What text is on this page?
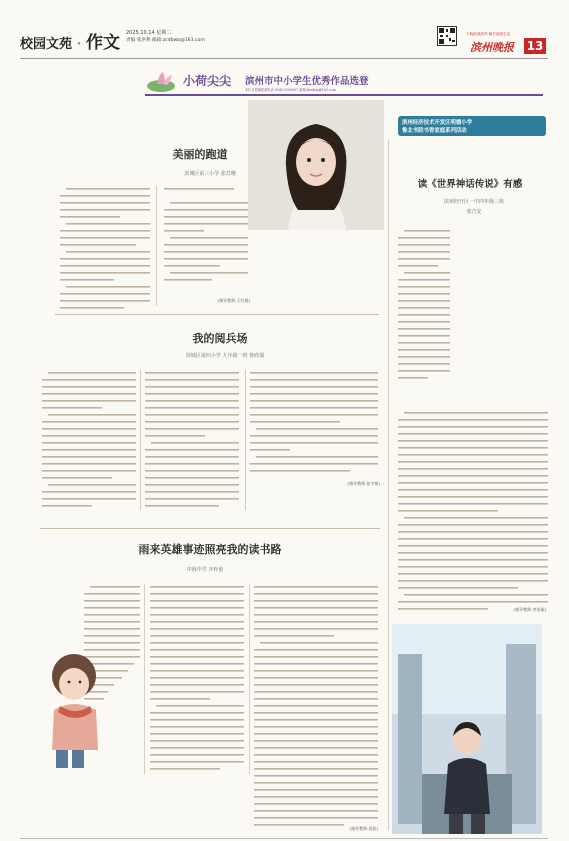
校园文苑 · 作文 2025.10.14 星期二
责编:张洪利 邮箱:zcdbwb@163.com
下载滨滨滨州 畅享滨滨生活
滨州晚报 13
小荷尖尖 滨州市中小学生优秀作品选登
本栏目投稿联系电话:0543-3165657 邮箱:bzwbxy@163.com
滨州经济技术开发区明德小学
鲁北书院书香家庭系列活动
美丽的跑道
滨城区第三小学 张苏珊
(指导教师:王红霞)
我的阅兵场
滨城区第四小学 九年级一班 鲁欣瑞
(指导教师:张宇敏)
雨来英雄事迹照亮我的读书路
中海中学 齐梓童
(指导教师:郭佳)
读《世界神话传说》有感
滨州经开区一中四年级三班
张吉安
(指导教师:李伯丽)
